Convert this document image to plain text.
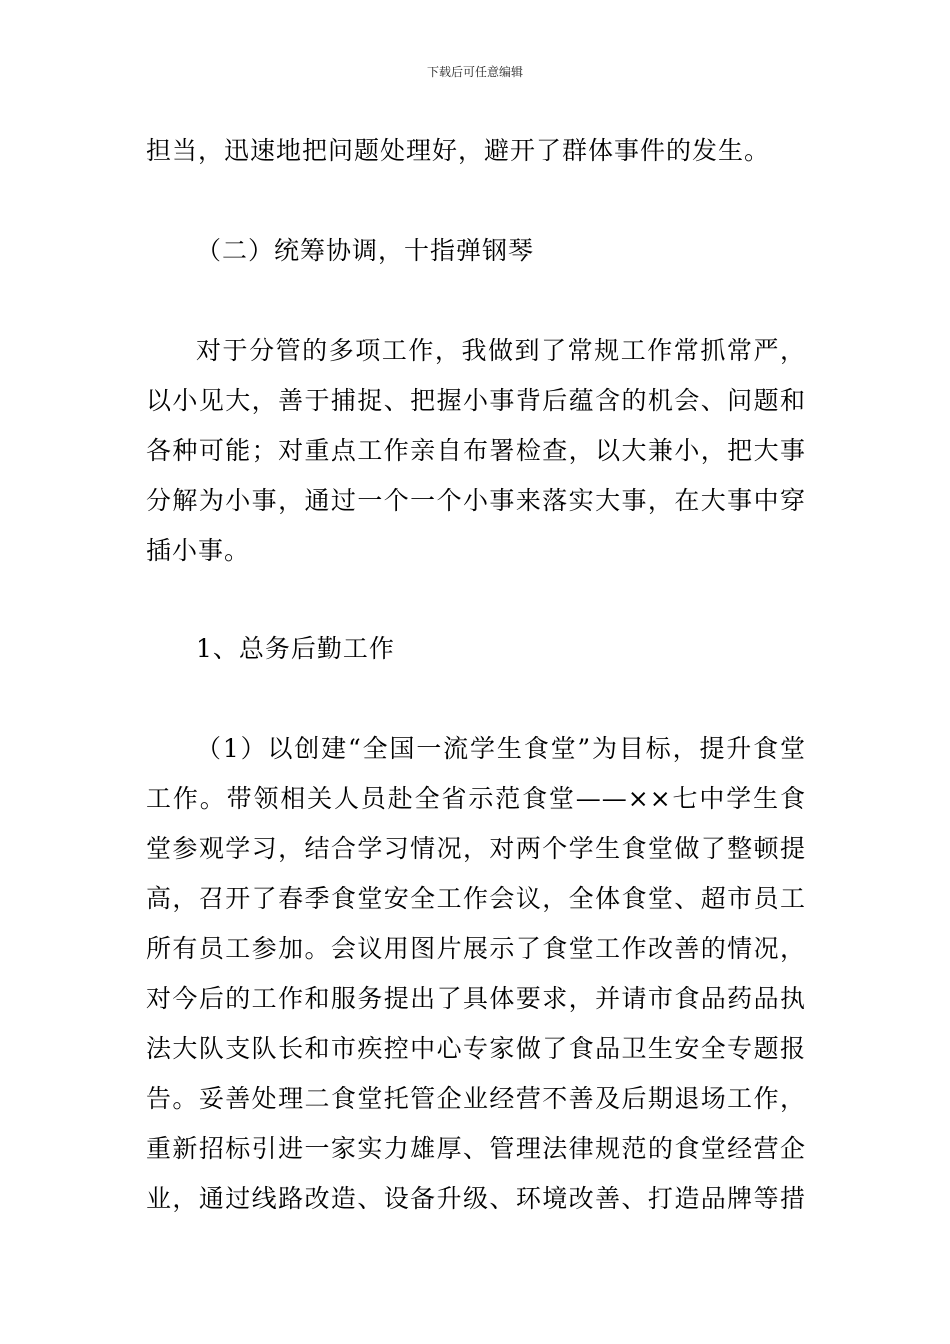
下载后可任意编辑
担当，迅速地把问题处理好，避开了群体事件的发生。
（二）统筹协调，十指弹钢琴
对于分管的多项工作，我做到了常规工作常抓常严，
以小见大，善于捕捉、把握小事背后蕴含的机会、问题和
各种可能；对重点工作亲自布署检查，以大兼小，把大事
分解为小事，通过一个一个小事来落实大事，在大事中穿
插小事。
1、总务后勤工作
（1）以创建“全国一流学生食堂”为目标，提升食堂
工作。带领相关人员赴全省示范食堂——××七中学生食
堂参观学习，结合学习情况，对两个学生食堂做了整顿提
高，召开了春季食堂安全工作会议，全体食堂、超市员工
所有员工参加。会议用图片展示了食堂工作改善的情况，
对今后的工作和服务提出了具体要求，并请市食品药品执
法大队支队长和市疾控中心专家做了食品卫生安全专题报
告。妥善处理二食堂托管企业经营不善及后期退场工作，
重新招标引进一家实力雄厚、管理法律规范的食堂经营企
业，通过线路改造、设备升级、环境改善、打造品牌等措
